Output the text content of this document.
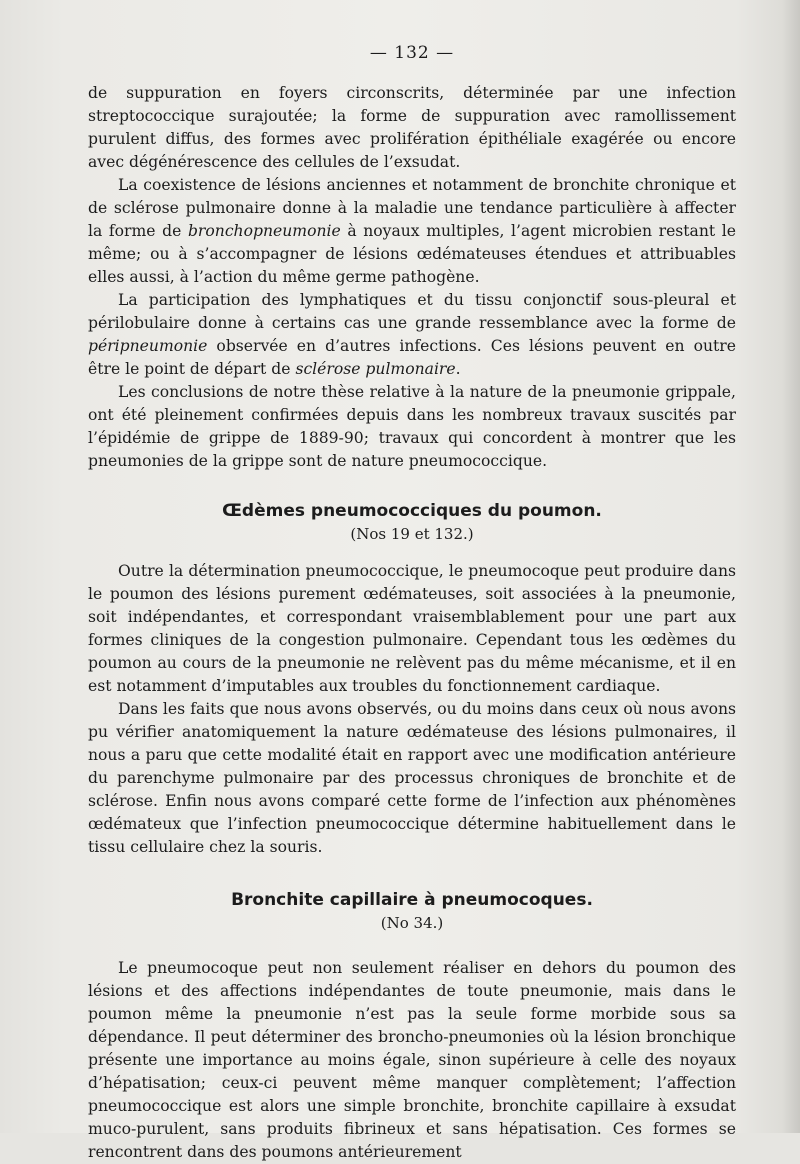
— 132 —

de suppuration en foyers circonscrits, déterminée par une infection streptococcique surajoutée; la forme de suppuration avec ramollissement purulent diffus, des formes avec prolifération épithéliale exagérée ou encore avec dégénérescence des cellules de l’exsudat.

La coexistence de lésions anciennes et notamment de bronchite chronique et de sclérose pulmonaire donne à la maladie une tendance particulière à affecter la forme de bronchopneumonie à noyaux multiples, l’agent microbien restant le même; ou à s’accompagner de lésions œdémateuses étendues et attribuables elles aussi, à l’action du même germe pathogène.

La participation des lymphatiques et du tissu conjonctif sous-pleural et périlobulaire donne à certains cas une grande ressemblance avec la forme de péripneumonie observée en d’autres infections. Ces lésions peuvent en outre être le point de départ de sclérose pulmonaire.

Les conclusions de notre thèse relative à la nature de la pneumonie grippale, ont été pleinement confirmées depuis dans les nombreux travaux suscités par l’épidémie de grippe de 1889-90; travaux qui concordent à montrer que les pneumonies de la grippe sont de nature pneumococcique.

Œdèmes pneumococciques du poumon.
(Nos 19 et 132.)

Outre la détermination pneumococcique, le pneumocoque peut produire dans le poumon des lésions purement œdémateuses, soit associées à la pneumonie, soit indépendantes, et correspondant vraisemblablement pour une part aux formes cliniques de la congestion pulmonaire. Cependant tous les œdèmes du poumon au cours de la pneumonie ne relèvent pas du même mécanisme, et il en est notamment d’imputables aux troubles du fonctionnement cardiaque.

Dans les faits que nous avons observés, ou du moins dans ceux où nous avons pu vérifier anatomiquement la nature œdémateuse des lésions pulmonaires, il nous a paru que cette modalité était en rapport avec une modification antérieure du parenchyme pulmonaire par des processus chroniques de bronchite et de sclérose. Enfin nous avons comparé cette forme de l’infection aux phénomènes œdémateux que l’infection pneumococcique détermine habituellement dans le tissu cellulaire chez la souris.

Bronchite capillaire à pneumocoques.
(No 34.)

Le pneumocoque peut non seulement réaliser en dehors du poumon des lésions et des affections indépendantes de toute pneumonie, mais dans le poumon même la pneumonie n’est pas la seule forme morbide sous sa dépendance. Il peut déterminer des broncho-pneumonies où la lésion bronchique présente une importance au moins égale, sinon supérieure à celle des noyaux d’hépatisation; ceux-ci peuvent même manquer complètement; l’affection pneumococcique est alors une simple bronchite, bronchite capillaire à exsudat muco-purulent, sans produits fibrineux et sans hépatisation. Ces formes se rencontrent dans des poumons antérieurement
